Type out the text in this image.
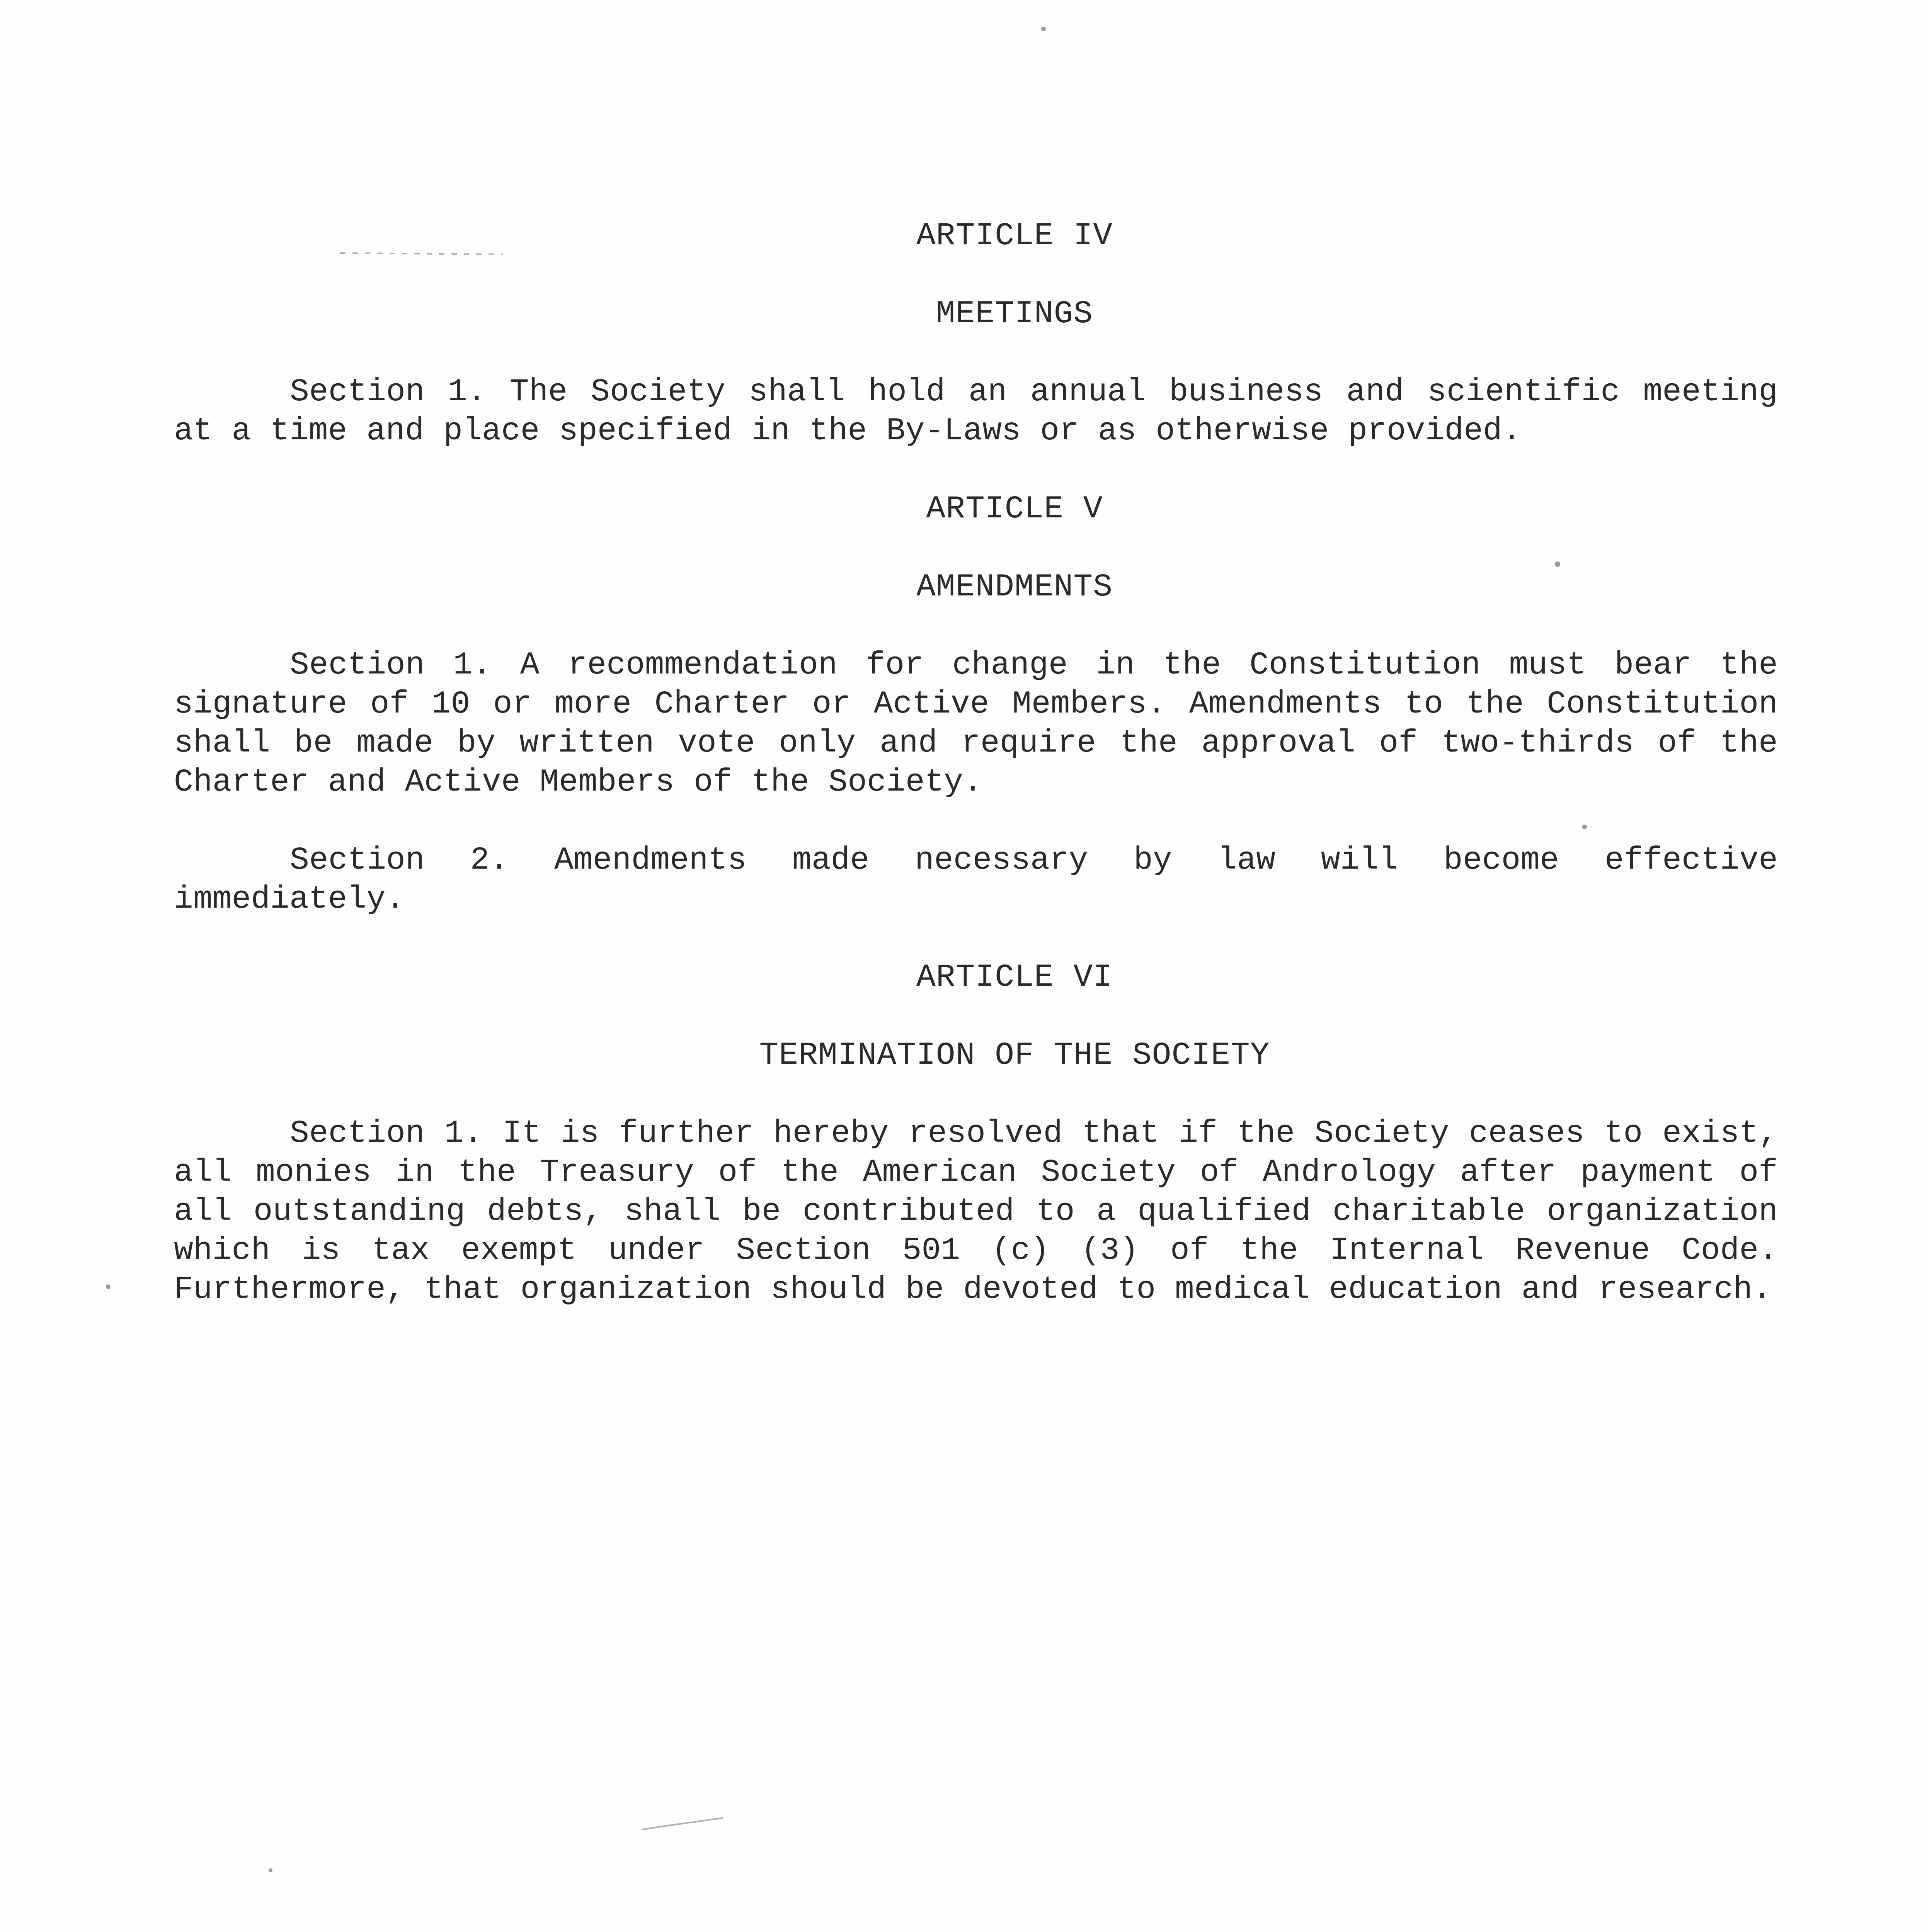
ARTICLE IV

MEETINGS

Section 1. The Society shall hold an annual business and scientific meeting at a time and place specified in the By-Laws or as otherwise provided.

ARTICLE V

AMENDMENTS

Section 1. A recommendation for change in the Constitution must bear the signature of 10 or more Charter or Active Members. Amendments to the Constitution shall be made by written vote only and require the approval of two-thirds of the Charter and Active Members of the Society.

Section 2. Amendments made necessary by law will become effective immediately.

ARTICLE VI

TERMINATION OF THE SOCIETY

Section 1. It is further hereby resolved that if the Society ceases to exist, all monies in the Treasury of the American Society of Andrology after payment of all outstanding debts, shall be contributed to a qualified charitable organization which is tax exempt under Section 501 (c) (3) of the Internal Revenue Code. Furthermore, that organization should be devoted to medical education and research.
